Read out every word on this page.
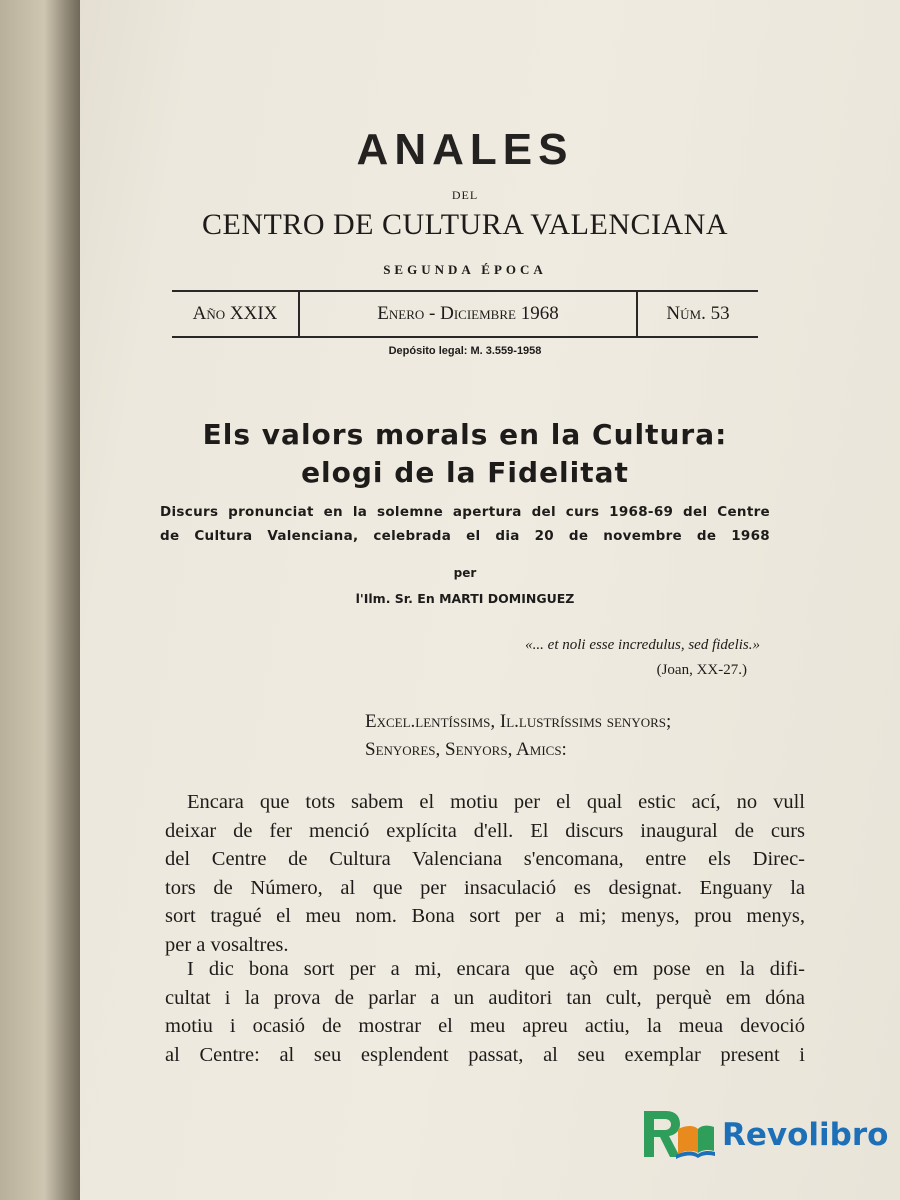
ANALES
DEL
CENTRO DE CULTURA VALENCIANA
SEGUNDA ÉPOCA
Año XXIX	Enero - Diciembre 1968	Núm. 53
Depósito legal: M. 3.559-1958
Els valors morals en la Cultura:
elogi de la Fidelitat
Discurs pronunciat en la solemne apertura del curs 1968-69 del Centre
de Cultura Valenciana, celebrada el dia 20 de novembre de 1968
per
l'Ilm. Sr. En MARTI DOMINGUEZ
«... et noli esse incredulus, sed fidelis.»
(Joan, XX-27.)
Excel.lentíssims, Il.lustríssims senyors;
Senyores, Senyors, Amics:
Encara que tots sabem el motiu per el qual estic ací, no vull
deixar de fer menció explícita d'ell. El discurs inaugural de curs
del Centre de Cultura Valenciana s'encomana, entre els Direc-
tors de Número, al que per insaculació es designat. Enguany la
sort tragué el meu nom. Bona sort per a mi; menys, prou menys,
per a vosaltres.
I dic bona sort per a mi, encara que açò em pose en la difi-
cultat i la prova de parlar a un auditori tan cult, perquè em dóna
motiu i ocasió de mostrar el meu apreu actiu, la meua devoció
al Centre: al seu esplendent passat, al seu exemplar present i
Revolibro
